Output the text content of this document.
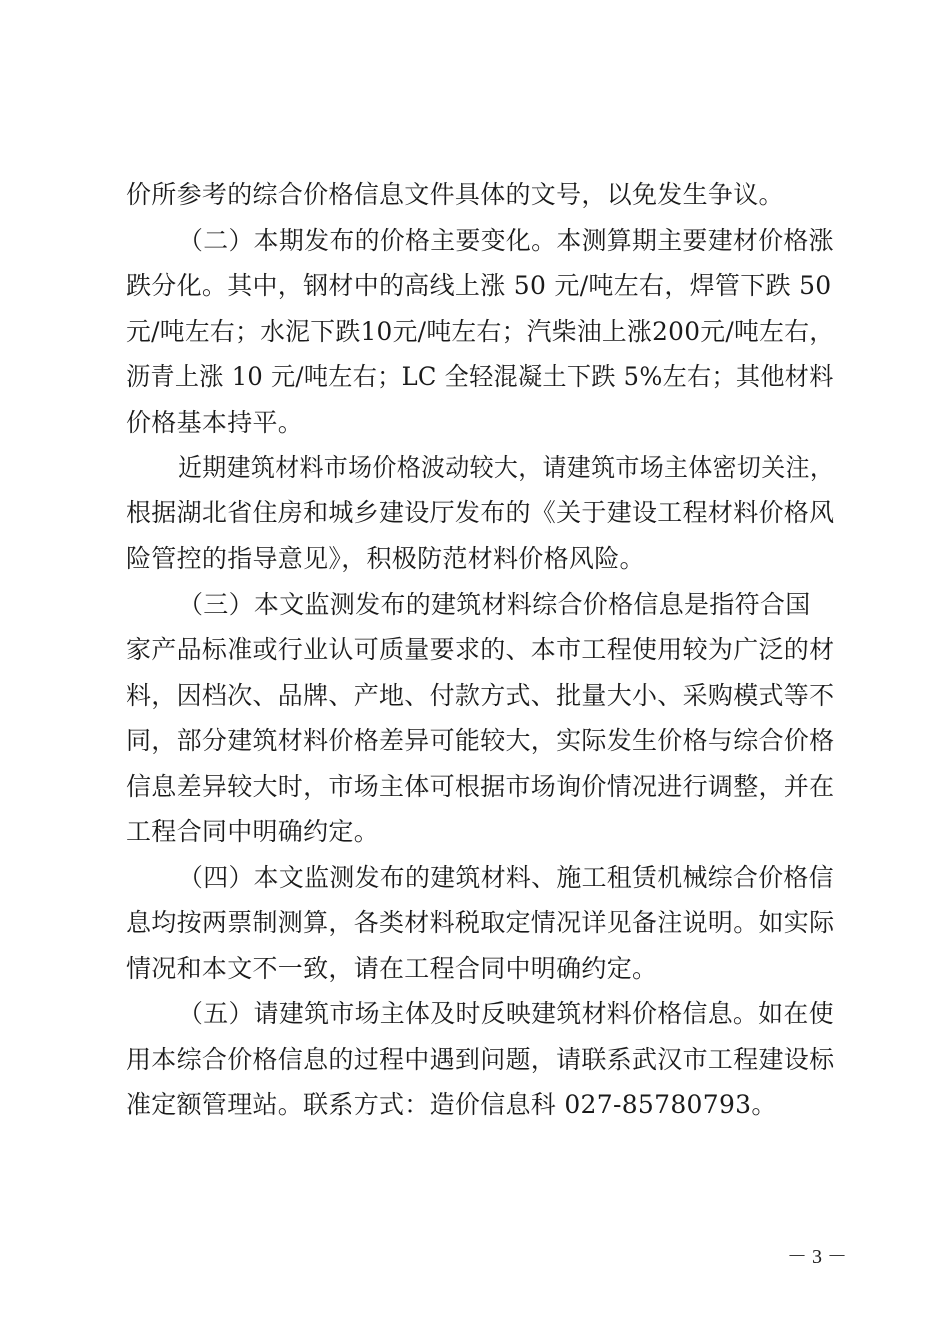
价所参考的综合价格信息文件具体的文号，以免发生争议。
（二）本期发布的价格主要变化。本测算期主要建材价格涨
跌分化。其中，钢材中的高线上涨 50 元/吨左右，焊管下跌 50
元/吨左右；水泥下跌10元/吨左右；汽柴油上涨200元/吨左右，
沥青上涨 10 元/吨左右；LC 全轻混凝土下跌 5%左右；其他材料
价格基本持平。
近期建筑材料市场价格波动较大，请建筑市场主体密切关注，
根据湖北省住房和城乡建设厅发布的《关于建设工程材料价格风
险管控的指导意见》，积极防范材料价格风险。
（三）本文监测发布的建筑材料综合价格信息是指符合国
家产品标准或行业认可质量要求的、本市工程使用较为广泛的材
料，因档次、品牌、产地、付款方式、批量大小、采购模式等不
同，部分建筑材料价格差异可能较大，实际发生价格与综合价格
信息差异较大时，市场主体可根据市场询价情况进行调整，并在
工程合同中明确约定。
（四）本文监测发布的建筑材料、施工租赁机械综合价格信
息均按两票制测算，各类材料税取定情况详见备注说明。如实际
情况和本文不一致，请在工程合同中明确约定。
（五）请建筑市场主体及时反映建筑材料价格信息。如在使
用本综合价格信息的过程中遇到问题，请联系武汉市工程建设标
准定额管理站。联系方式：造价信息科 027-85780793。
－ 3 －
